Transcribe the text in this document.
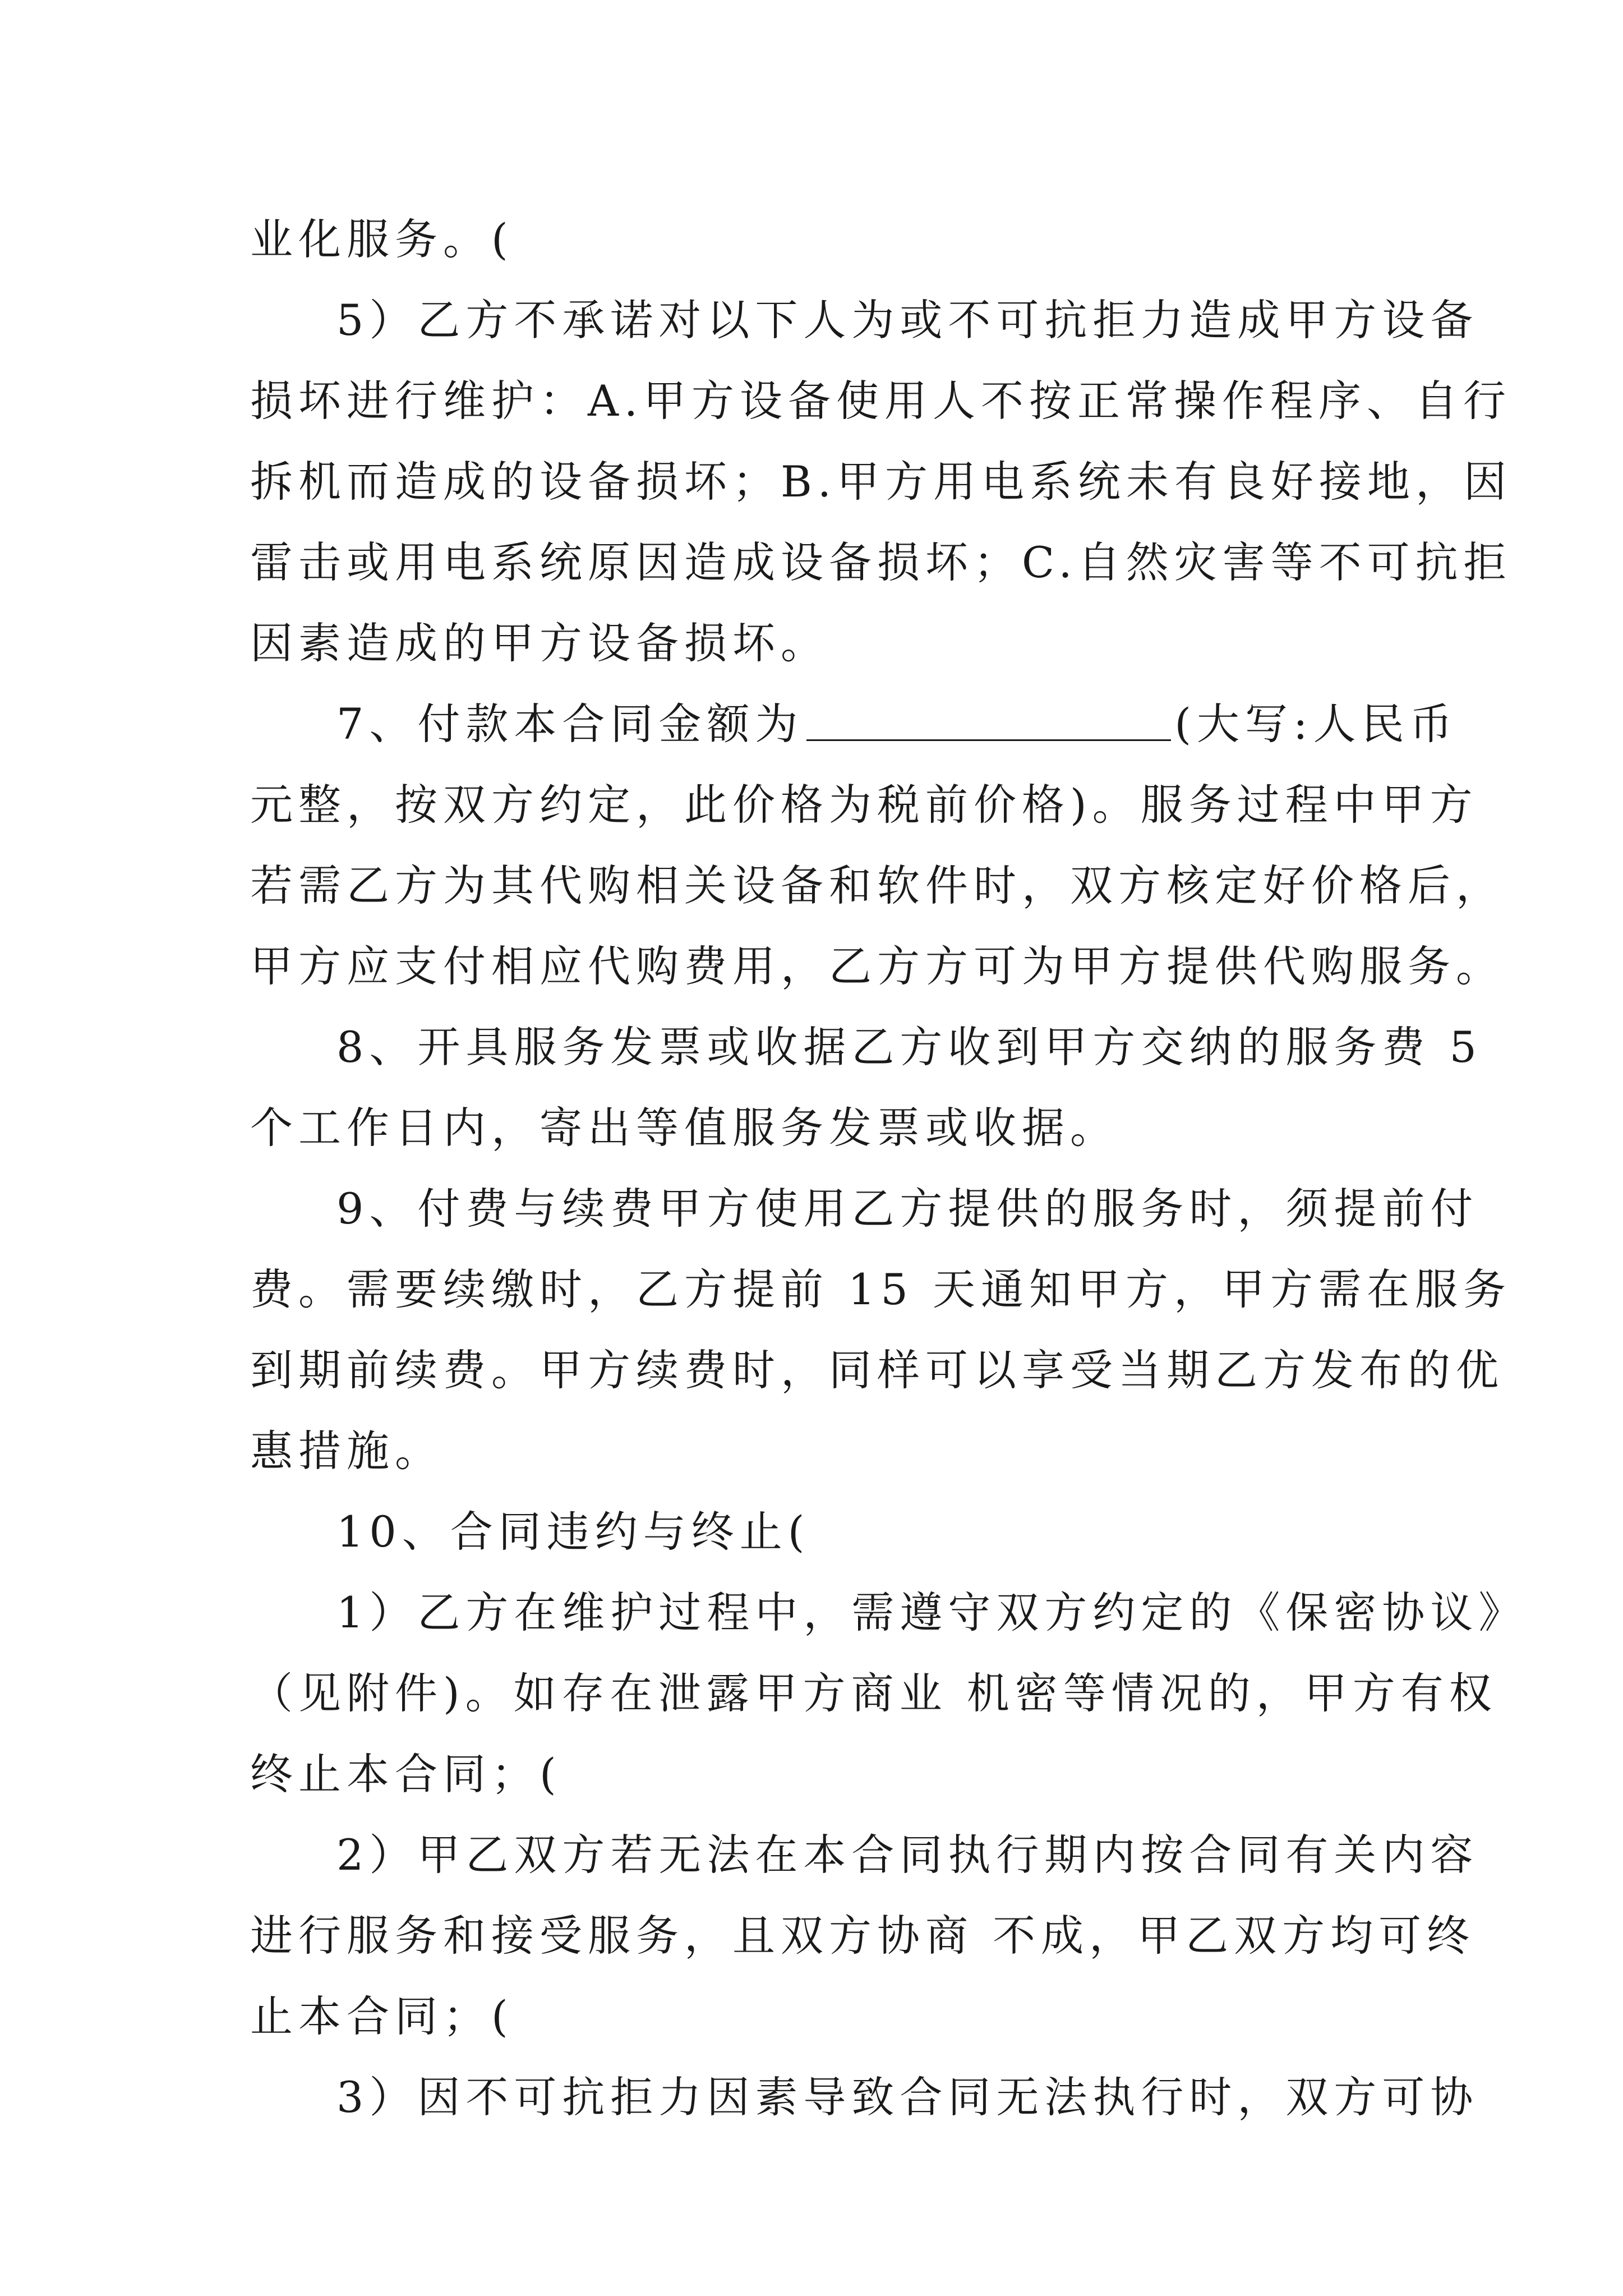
业化服务。(
5）乙方不承诺对以下人为或不可抗拒力造成甲方设备
损坏进行维护：A.甲方设备使用人不按正常操作程序、自行
拆机而造成的设备损坏；B.甲方用电系统未有良好接地，因
雷击或用电系统原因造成设备损坏；C.自然灾害等不可抗拒
因素造成的甲方设备损坏。
7、付款本合同金额为	(大写:人民币
元整，按双方约定，此价格为税前价格)。服务过程中甲方
若需乙方为其代购相关设备和软件时，双方核定好价格后，
甲方应支付相应代购费用，乙方方可为甲方提供代购服务。
8、开具服务发票或收据乙方收到甲方交纳的服务费 5
个工作日内，寄出等值服务发票或收据。
9、付费与续费甲方使用乙方提供的服务时，须提前付
费。需要续缴时，乙方提前 15 天通知甲方，甲方需在服务
到期前续费。甲方续费时，同样可以享受当期乙方发布的优
惠措施。
10、合同违约与终止(
1）乙方在维护过程中，需遵守双方约定的《保密协议》
（见附件)。如存在泄露甲方商业 机密等情况的，甲方有权
终止本合同；(
2）甲乙双方若无法在本合同执行期内按合同有关内容
进行服务和接受服务，且双方协商 不成，甲乙双方均可终
止本合同；(
3）因不可抗拒力因素导致合同无法执行时，双方可协
